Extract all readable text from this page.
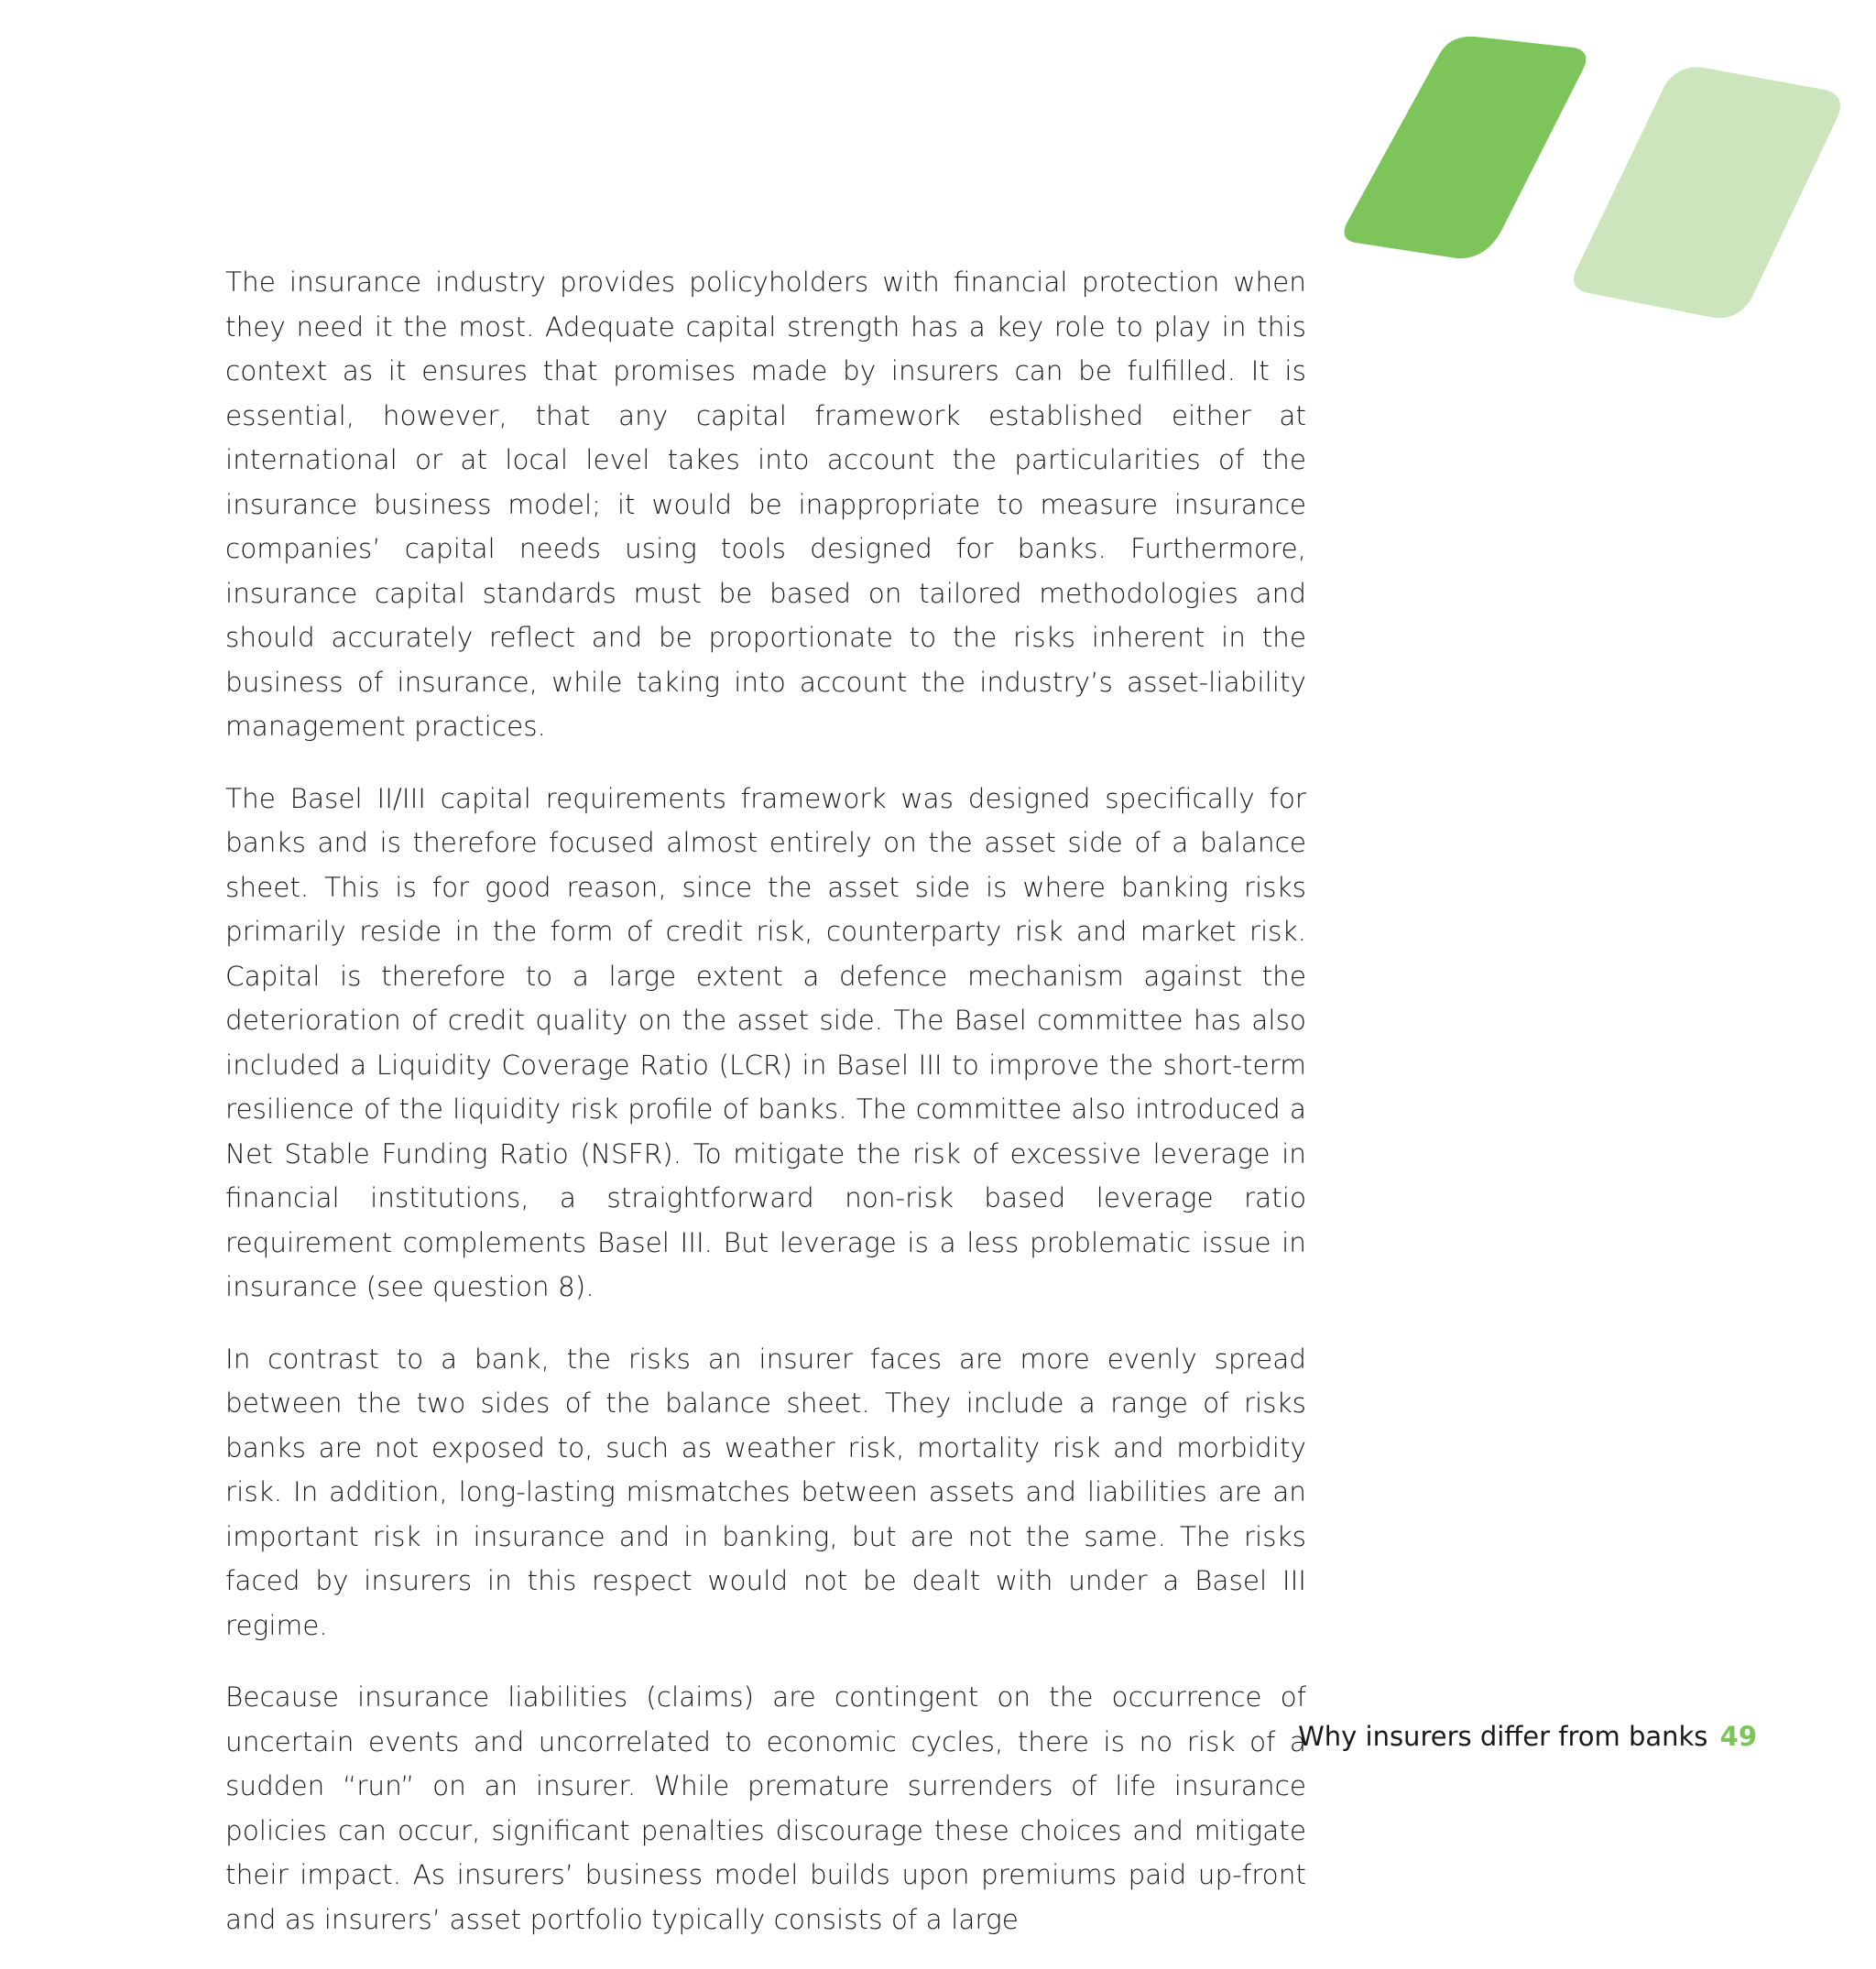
The insurance industry provides policyholders with financial protection when they need it the most. Adequate capital strength has a key role to play in this context as it ensures that promises made by insurers can be fulfilled. It is essential, however, that any capital framework established either at international or at local level takes into account the particularities of the insurance business model; it would be inappropriate to measure insurance companies’ capital needs using tools designed for banks. Furthermore, insurance capital standards must be based on tailored methodologies and should accurately reflect and be proportionate to the risks inherent in the business of insurance, while taking into account the industry’s asset-liability management practices.

The Basel II/III capital requirements framework was designed specifically for banks and is therefore focused almost entirely on the asset side of a balance sheet. This is for good reason, since the asset side is where banking risks primarily reside in the form of credit risk, counterparty risk and market risk. Capital is therefore to a large extent a defence mechanism against the deterioration of credit quality on the asset side. The Basel committee has also included a Liquidity Coverage Ratio (LCR) in Basel III to improve the short-term resilience of the liquidity risk profile of banks. The committee also introduced a Net Stable Funding Ratio (NSFR). To mitigate the risk of excessive leverage in financial institutions, a straightforward non-risk based leverage ratio requirement complements Basel III. But leverage is a less problematic issue in insurance (see question 8).

In contrast to a bank, the risks an insurer faces are more evenly spread between the two sides of the balance sheet. They include a range of risks banks are not exposed to, such as weather risk, mortality risk and morbidity risk. In addition, long-lasting mismatches between assets and liabilities are an important risk in insurance and in banking, but are not the same. The risks faced by insurers in this respect would not be dealt with under a Basel III regime.

Because insurance liabilities (claims) are contingent on the occurrence of uncertain events and uncorrelated to economic cycles, there is no risk of a sudden “run” on an insurer. While premature surrenders of life insurance policies can occur, significant penalties discourage these choices and mitigate their impact. As insurers’ business model builds upon premiums paid up-front and as insurers’ asset portfolio typically consists of a large

Why insurers differ from banks 49
